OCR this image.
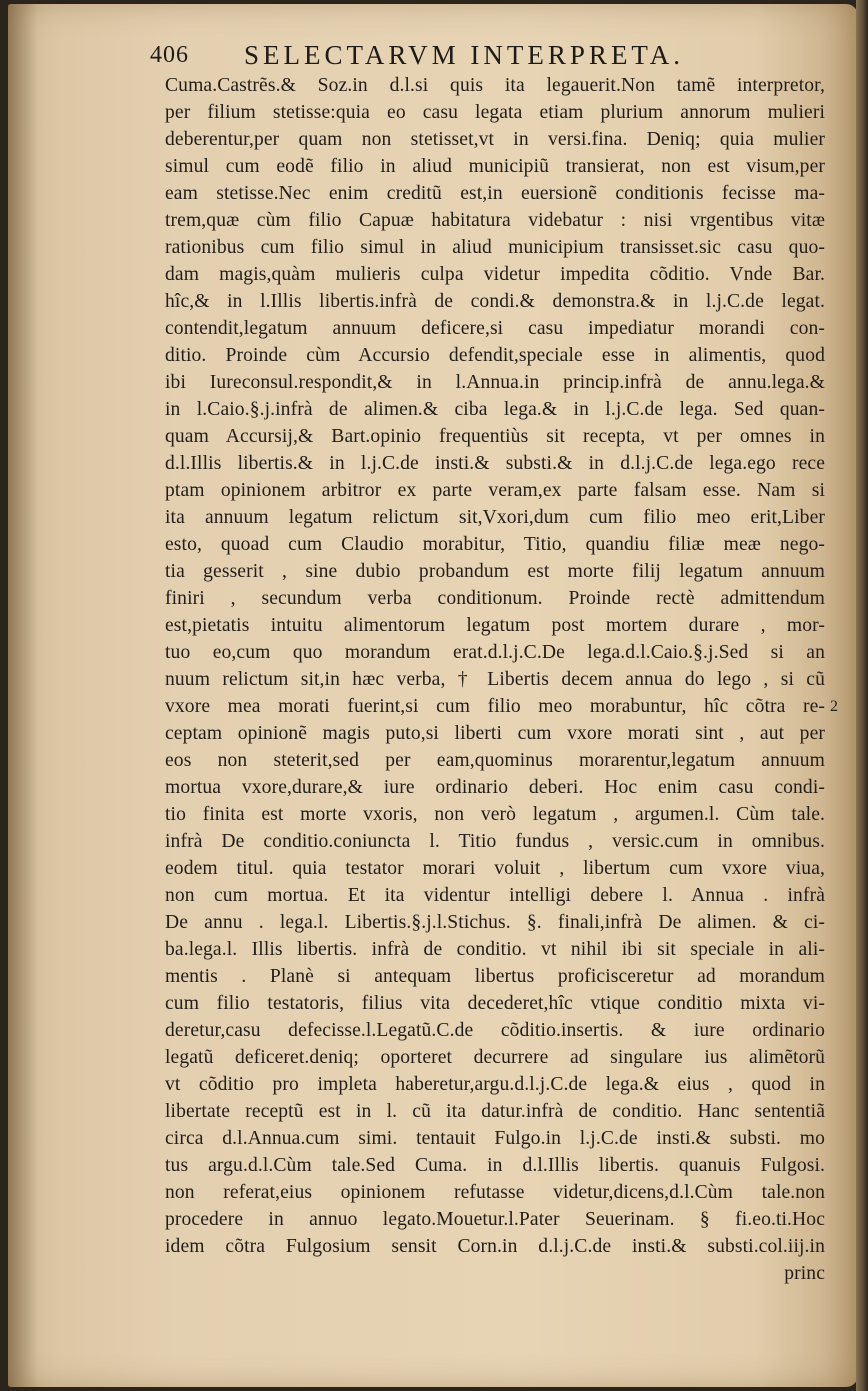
406 SELECTARVM INTERPRETA.
Cuma.Castrẽs.& Soz.in d.l.si quis ita legauerit.Non tamẽ interpretor,
per filium stetisse:quia eo casu legata etiam plurium annorum mulieri
deberentur,per quam non stetisset,vt in versi.fina. Deniq; quia mulier
simul cum eodẽ filio in aliud municipiũ transierat, non est visum,per
eam stetisse.Nec enim creditũ est,in euersionẽ conditionis fecisse ma-
trem,quæ cùm filio Capuæ habitatura videbatur : nisi vrgentibus vitæ
rationibus cum filio simul in aliud municipium transisset.sic casu quo-
dam magis,quàm mulieris culpa videtur impedita cõditio. Vnde Bar.
hîc,& in l.Illis libertis.infrà de condi.& demonstra.& in l.j.C.de legat.
contendit,legatum annuum deficere,si casu impediatur morandi con-
ditio. Proinde cùm Accursio defendit,speciale esse in alimentis, quod
ibi Iureconsul.respondit,& in l.Annua.in princip.infrà de annu.lega.&
in l.Caio.§.j.infrà de alimen.& ciba lega.& in l.j.C.de lega. Sed quan-
quam Accursij,& Bart.opinio frequentiùs sit recepta, vt per omnes in
d.l.Illis libertis.& in l.j.C.de insti.& substi.& in d.l.j.C.de lega.ego rece
ptam opinionem arbitror ex parte veram,ex parte falsam esse. Nam si
ita annuum legatum relictum sit,Vxori,dum cum filio meo erit,Liber
esto, quoad cum Claudio morabitur, Titio, quandiu filiæ meæ nego-
tia gesserit , sine dubio probandum est morte filij legatum annuum
finiri , secundum verba conditionum. Proinde rectè admittendum
est,pietatis intuitu alimentorum legatum post mortem durare , mor-
tuo eo,cum quo morandum erat.d.l.j.C.De lega.d.l.Caio.§.j.Sed si an
nuum relictum sit,in hæc verba, † Libertis decem annua do lego , si cũ
vxore mea morati fuerint,si cum filio meo morabuntur, hîc cõtra re-
ceptam opinionẽ magis puto,si liberti cum vxore morati sint , aut per
eos non steterit,sed per eam,quominus morarentur,legatum annuum
mortua vxore,durare,& iure ordinario deberi. Hoc enim casu condi-
tio finita est morte vxoris, non verò legatum , argumen.l. Cùm tale.
infrà De conditio.coniuncta l. Titio fundus , versic.cum in omnibus.
eodem titul. quia testator morari voluit , libertum cum vxore viua,
non cum mortua. Et ita videntur intelligi debere l. Annua . infrà
De annu . lega.l. Libertis.§.j.l.Stichus. §. finali,infrà De alimen. & ci-
ba.lega.l. Illis libertis. infrà de conditio. vt nihil ibi sit speciale in ali-
mentis . Planè si antequam libertus proficisceretur ad morandum
cum filio testatoris, filius vita decederet,hîc vtique conditio mixta vi-
deretur,casu defecisse.l.Legatũ.C.de cõditio.insertis. & iure ordinario
legatũ deficeret.deniq; oporteret decurrere ad singulare ius alimẽtorũ
vt cõditio pro impleta haberetur,argu.d.l.j.C.de lega.& eius , quod in
libertate receptũ est in l. cũ ita datur.infrà de conditio. Hanc sententiã
circa d.l.Annua.cum simi. tentauit Fulgo.in l.j.C.de insti.& substi. mo
tus argu.d.l.Cùm tale.Sed Cuma. in d.l.Illis libertis. quanuis Fulgosi.
non referat,eius opinionem refutasse videtur,dicens,d.l.Cùm tale.non
procedere in annuo legato.Mouetur.l.Pater Seuerinam. § fi.eo.ti.Hoc
idem cõtra Fulgosium sensit Corn.in d.l.j.C.de insti.& substi.col.iij.in
princ
2
